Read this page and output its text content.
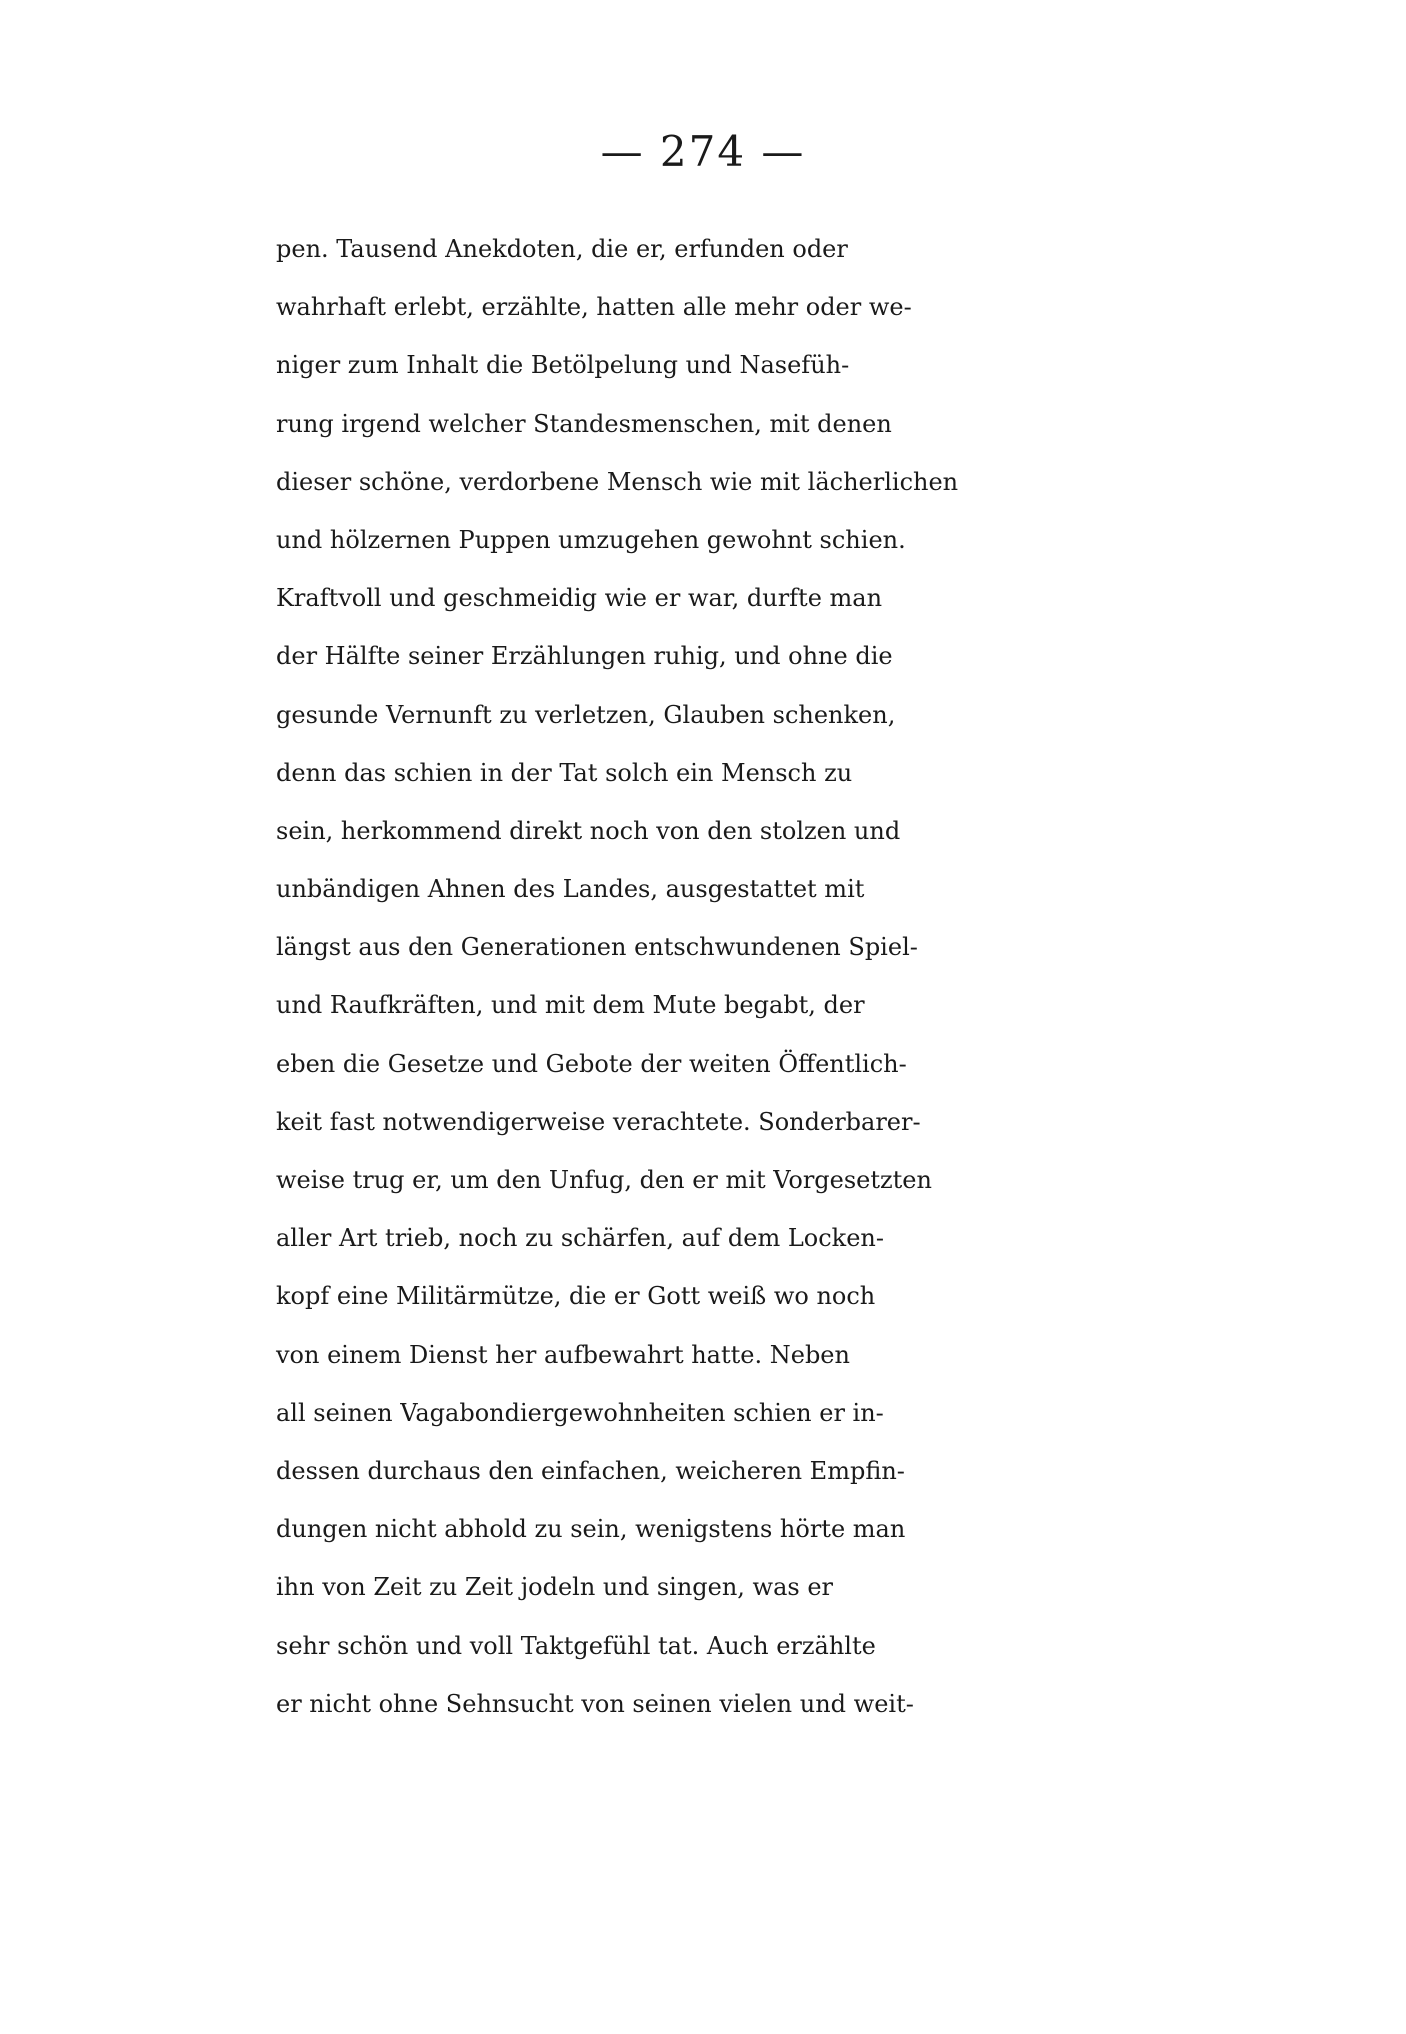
— 274 —
pen. Tausend Anekdoten, die er, erfunden oder
wahrhaft erlebt, erzählte, hatten alle mehr oder we-
niger zum Inhalt die Betölpelung und Nasefüh-
rung irgend welcher Standesmenschen, mit denen
dieser schöne, verdorbene Mensch wie mit lächerlichen
und hölzernen Puppen umzugehen gewohnt schien.
Kraftvoll und geschmeidig wie er war, durfte man
der Hälfte seiner Erzählungen ruhig, und ohne die
gesunde Vernunft zu verletzen, Glauben schenken,
denn das schien in der Tat solch ein Mensch zu
sein, herkommend direkt noch von den stolzen und
unbändigen Ahnen des Landes, ausgestattet mit
längst aus den Generationen entschwundenen Spiel-
und Raufkräften, und mit dem Mute begabt, der
eben die Gesetze und Gebote der weiten Öffentlich-
keit fast notwendigerweise verachtete. Sonderbarer-
weise trug er, um den Unfug, den er mit Vorgesetzten
aller Art trieb, noch zu schärfen, auf dem Locken-
kopf eine Militärmütze, die er Gott weiß wo noch
von einem Dienst her aufbewahrt hatte. Neben
all seinen Vagabondiergewohnheiten schien er in-
dessen durchaus den einfachen, weicheren Empfin-
dungen nicht abhold zu sein, wenigstens hörte man
ihn von Zeit zu Zeit jodeln und singen, was er
sehr schön und voll Taktgefühl tat. Auch erzählte
er nicht ohne Sehnsucht von seinen vielen und weit-
